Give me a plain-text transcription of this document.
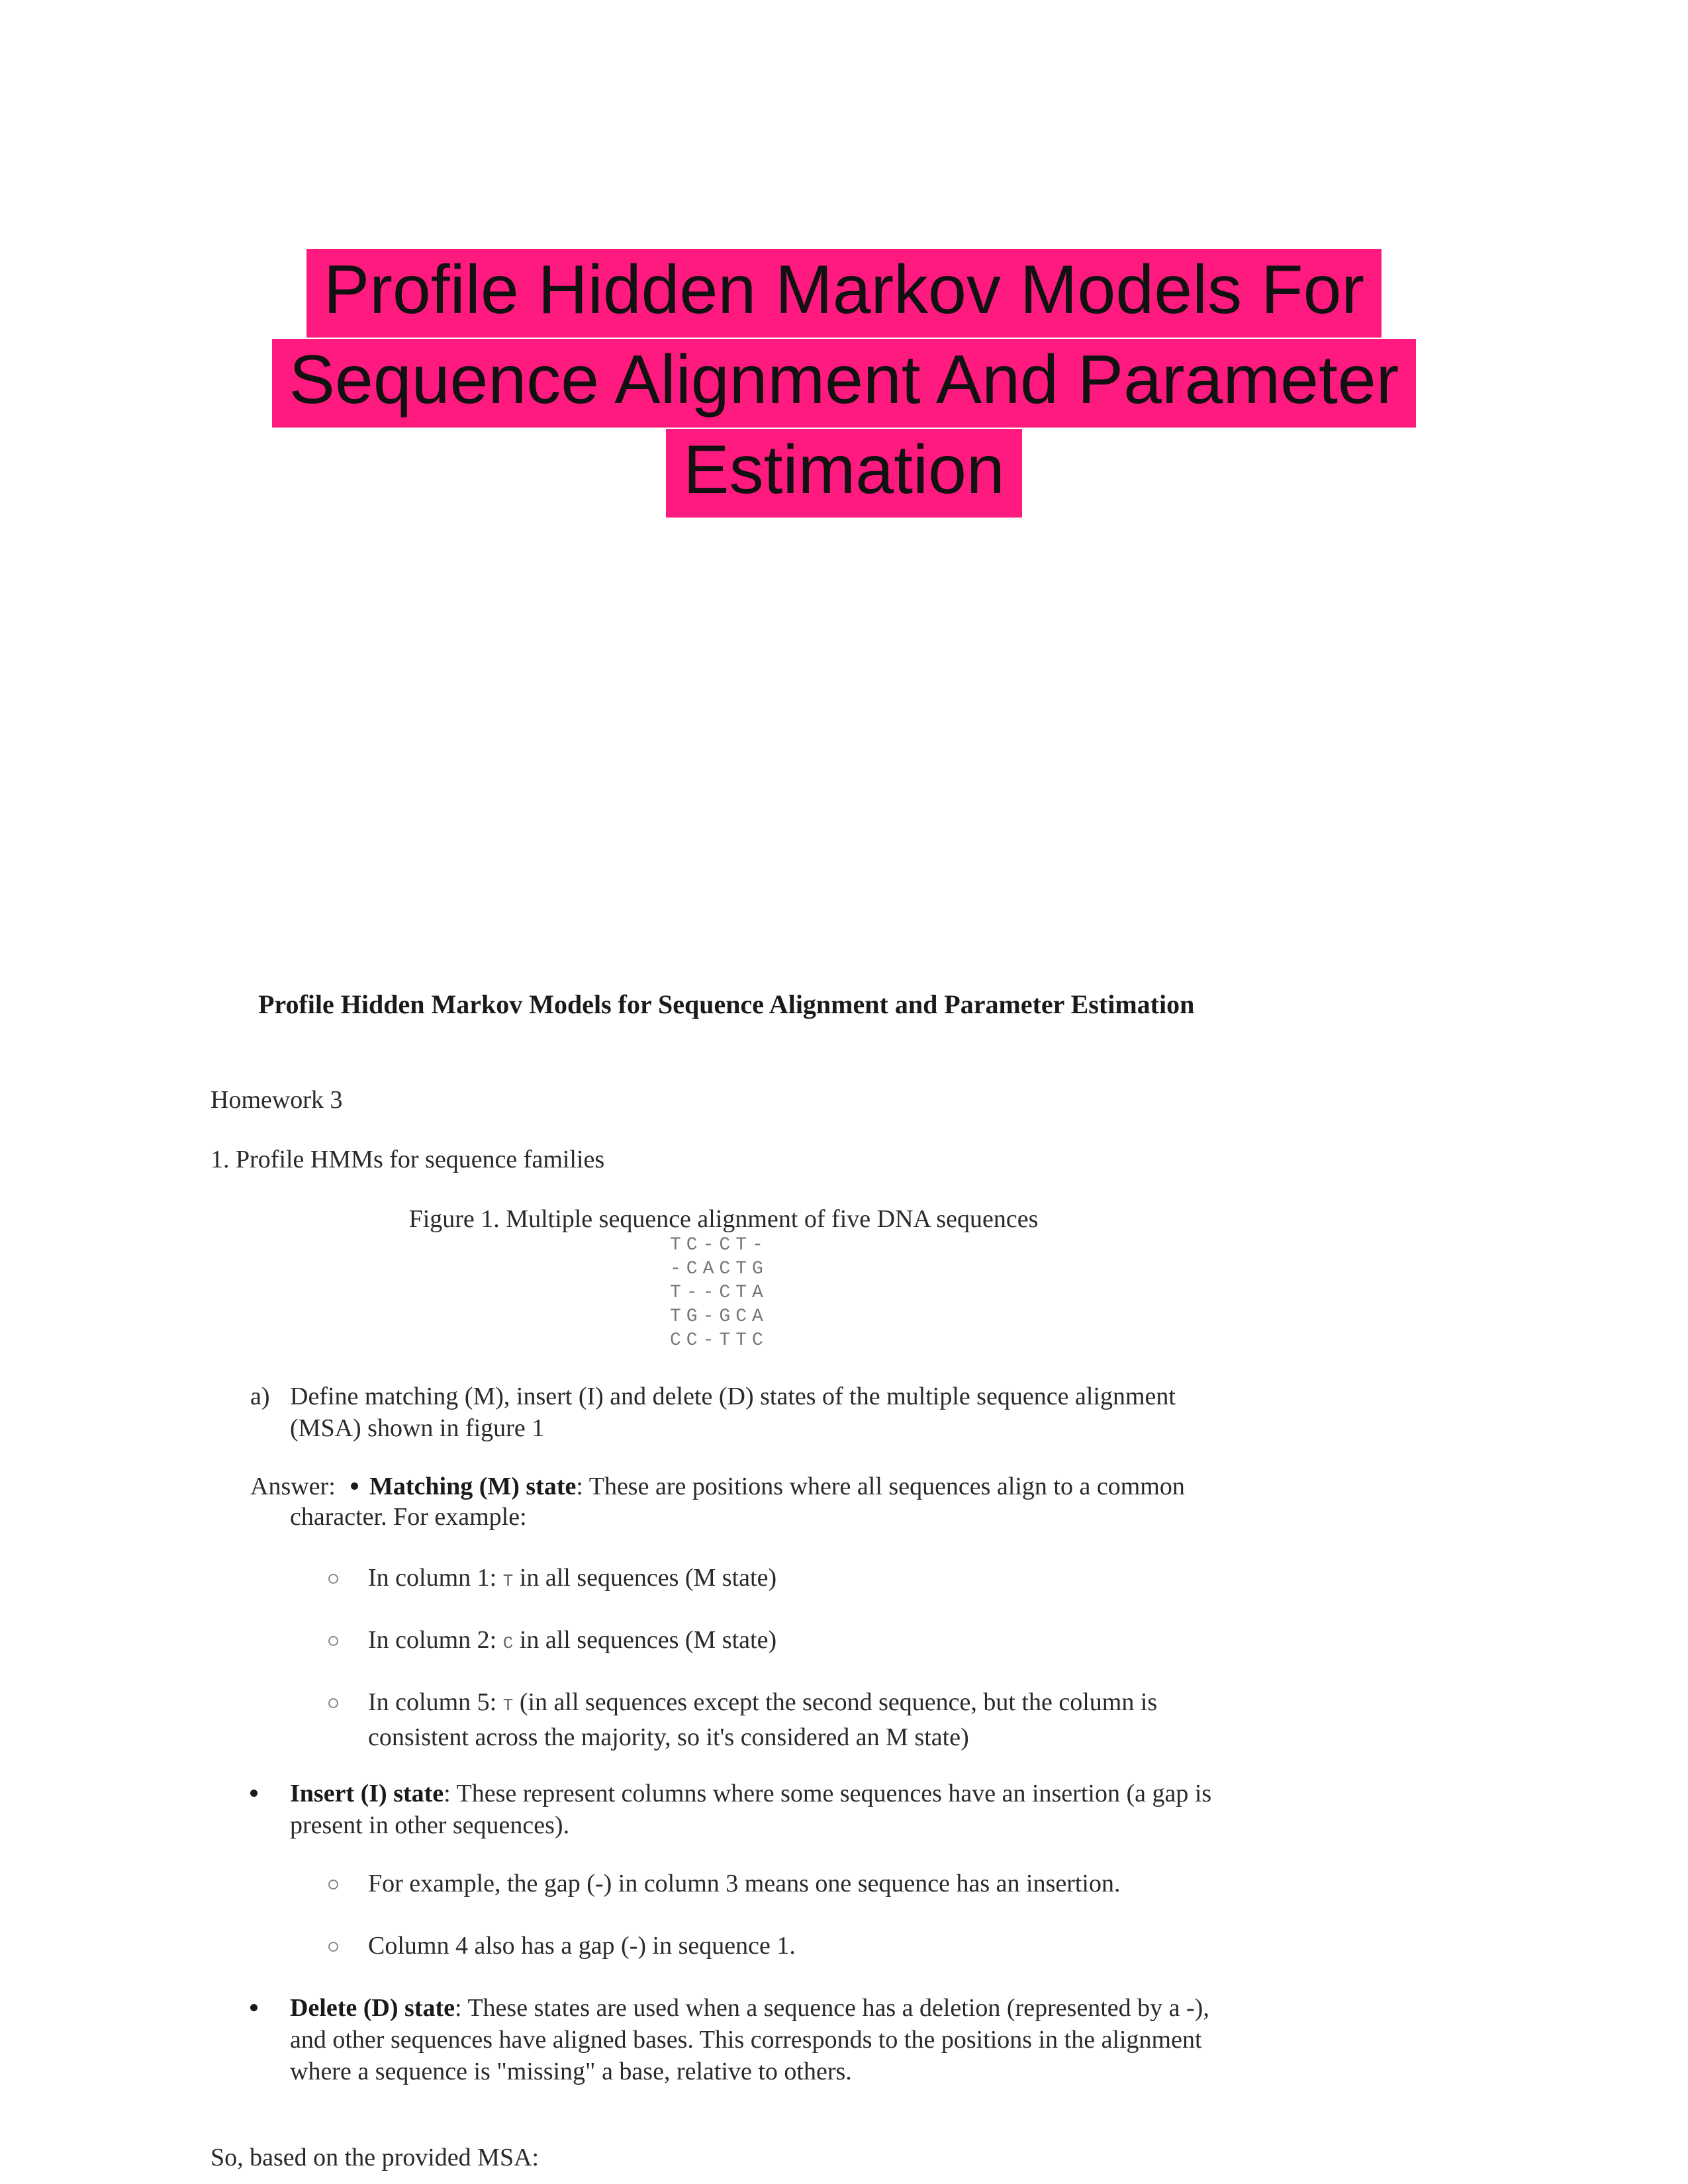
Profile Hidden Markov Models For
Sequence Alignment And Parameter
Estimation
Profile Hidden Markov Models for Sequence Alignment and Parameter Estimation
Homework 3
1. Profile HMMs for sequence families
Figure 1. Multiple sequence alignment of five DNA sequences
TC-CT-
-CACTG
T--CTA
TG-GCA
CC-TTC
a) Define matching (M), insert (I) and delete (D) states of the multiple sequence alignment (MSA) shown in figure 1
Answer: Matching (M) state: These are positions where all sequences align to a common
character. For example:
In column 1: T in all sequences (M state)
In column 2: C in all sequences (M state)
In column 5: T (in all sequences except the second sequence, but the column is consistent across the majority, so it's considered an M state)
Insert (I) state: These represent columns where some sequences have an insertion (a gap is present in other sequences).
For example, the gap (-) in column 3 means one sequence has an insertion.
Column 4 also has a gap (-) in sequence 1.
Delete (D) state: These states are used when a sequence has a deletion (represented by a -), and other sequences have aligned bases. This corresponds to the positions in the alignment where a sequence is "missing" a base, relative to others.
So, based on the provided MSA:
